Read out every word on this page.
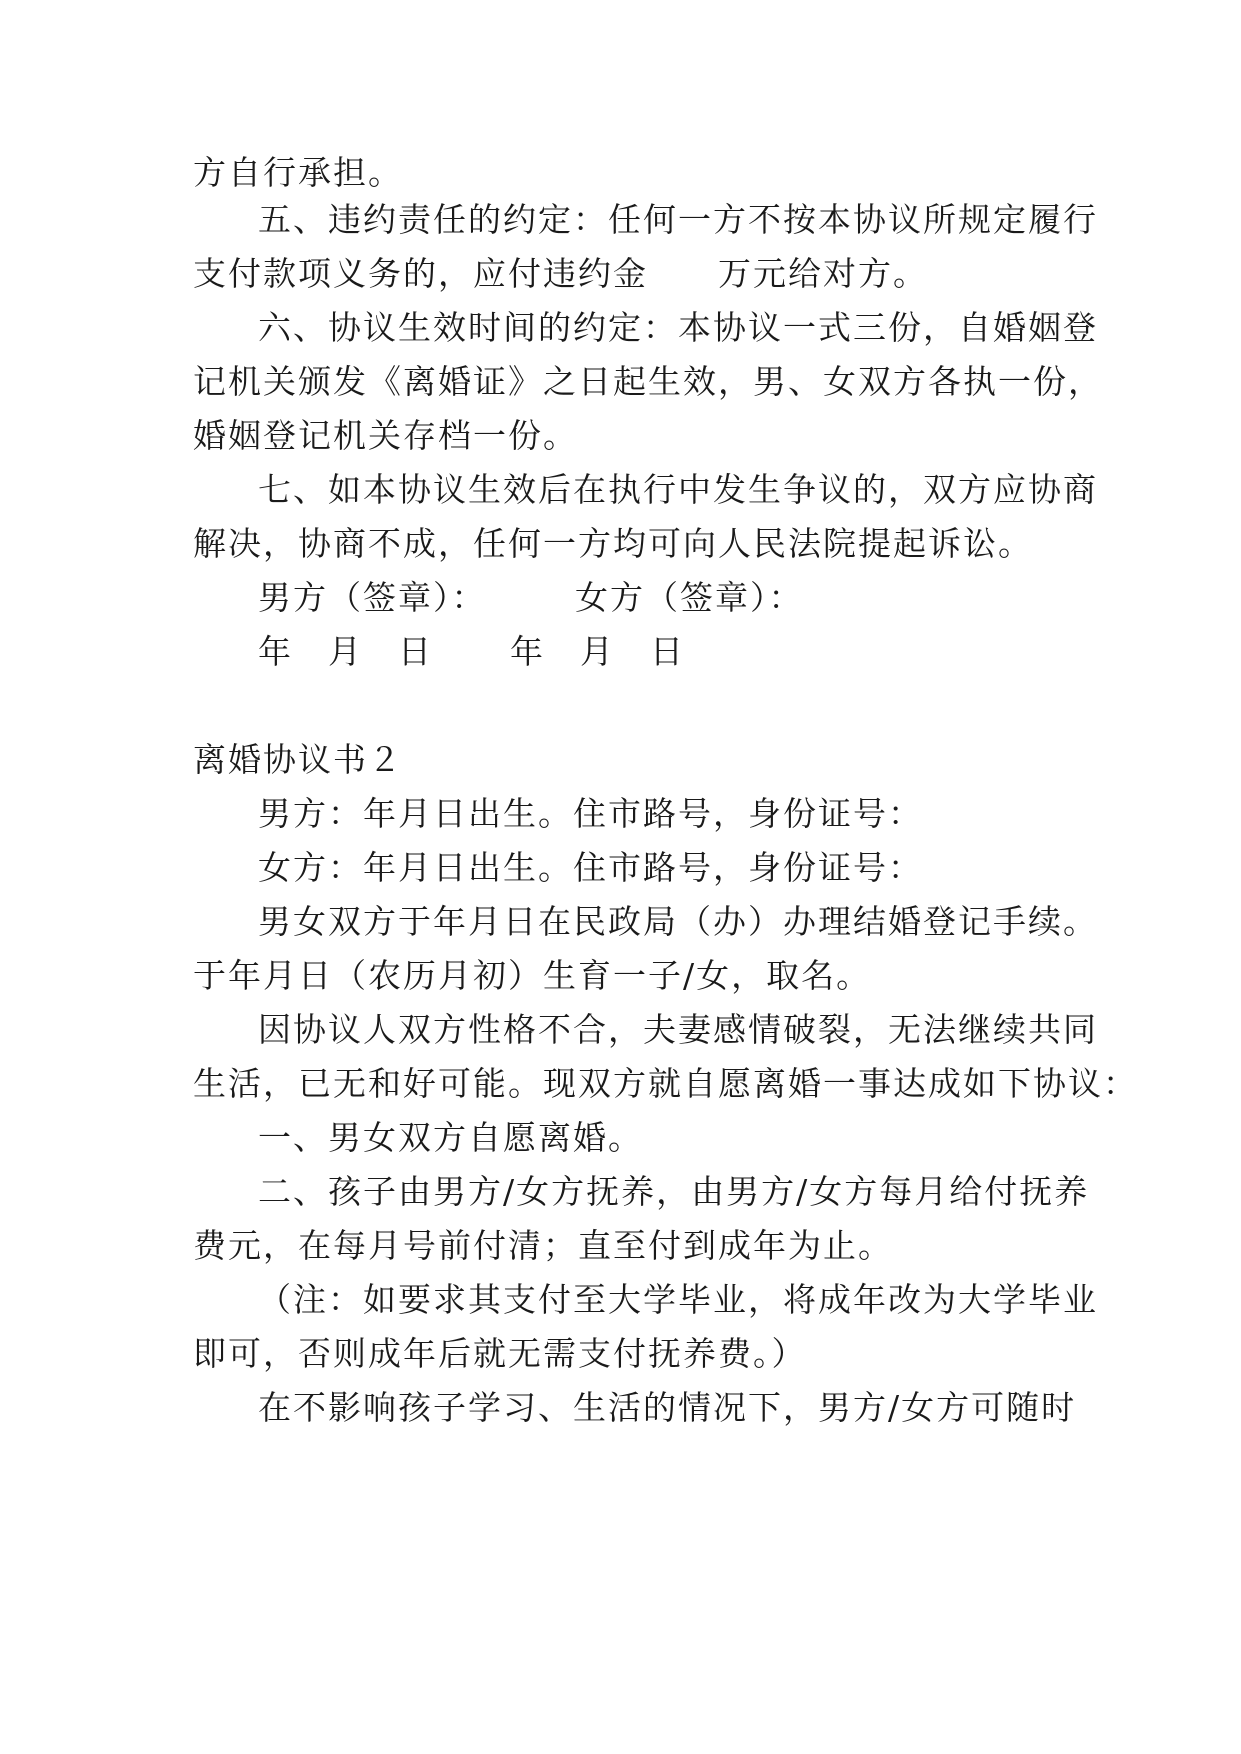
方自行承担。
五、违约责任的约定：任何一方不按本协议所规定履行
支付款项义务的，应付违约金　　万元给对方。
六、协议生效时间的约定：本协议一式三份，自婚姻登
记机关颁发《离婚证》之日起生效，男、女双方各执一份，
婚姻登记机关存档一份。
七、如本协议生效后在执行中发生争议的，双方应协商
解决，协商不成，任何一方均可向人民法院提起诉讼。
男方（签章）：	女方（签章）：
年　月　日 年　月　日
离婚协议书２
男方：年月日出生。住市路号，身份证号：
女方：年月日出生。住市路号，身份证号：
男女双方于年月日在民政局（办）办理结婚登记手续。
于年月日（农历月初）生育一子/女，取名。
因协议人双方性格不合，夫妻感情破裂，无法继续共同
生活，已无和好可能。现双方就自愿离婚一事达成如下协议：
一、男女双方自愿离婚。
二、孩子由男方/女方抚养，由男方/女方每月给付抚养
费元，在每月号前付清；直至付到成年为止。
（注：如要求其支付至大学毕业，将成年改为大学毕业
即可，否则成年后就无需支付抚养费。）
在不影响孩子学习、生活的情况下，男方/女方可随时
